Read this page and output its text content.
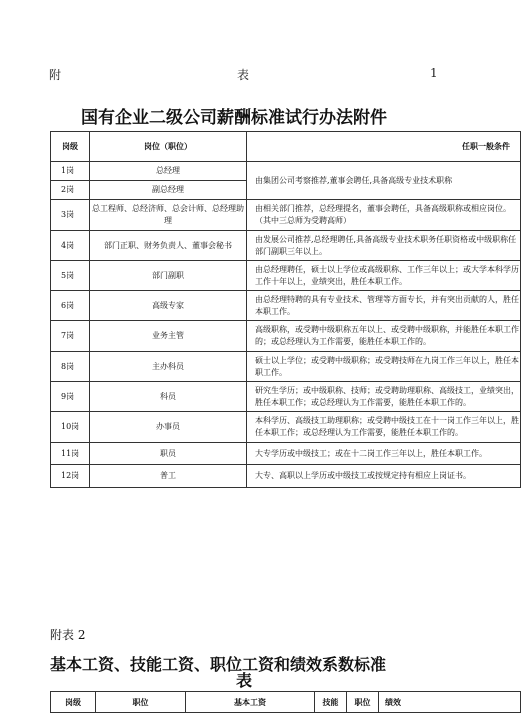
附	表	1
国有企业二级公司薪酬标准试行办法附件
岗级	岗位（职位）	任职一般条件
1岗	总经理	由集团公司考察推荐,董事会聘任,具备高级专业技术职称
2岗	副总经理	
3岗	总工程师、总经济师、总会计师、总经理助理	由相关部门推荐，总经理提名，董事会聘任，具备高级职称或相应岗位。（其中三总师为受聘高师）
4岗	部门正职、财务负责人、董事会秘书	由发展公司推荐,总经理聘任,具备高级专业技术职务任职资格或中级职称任部门副职三年以上。
5岗	部门副职	由总经理聘任，硕士以上学位或高级职称、工作三年以上；或大学本科学历工作十年以上，业绩突出，胜任本职工作。
6岗	高级专家	由总经理特聘的具有专业技术、管理等方面专长，并有突出贡献的人，胜任本职工作。
7岗	业务主管	高级职称，或受聘中级职称五年以上、或受聘中级职称，并能胜任本职工作的；或总经理认为工作需要，能胜任本职工作的。
8岗	主办科员	硕士以上学位；或受聘中级职称；或受聘技师在九岗工作三年以上，胜任本职工作。
9岗	科员	研究生学历；或中级职称、技师；或受聘助理职称、高级技工，业绩突出，胜任本职工作；或总经理认为工作需要，能胜任本职工作的。
10岗	办事员	本科学历、高级技工助理职称；或受聘中级技工在十一岗工作三年以上，胜任本职工作；或总经理认为工作需要，能胜任本职工作的。
11岗	职员	大专学历或中级技工；或在十二岗工作三年以上，胜任本职工作。
12岗	普工	大专、高职以上学历或中级技工或按规定持有相应上岗证书。
附表 2
基本工资、技能工资、职位工资和绩效系数标准
表
岗级	职位	基本工资	技能	职位	绩效
